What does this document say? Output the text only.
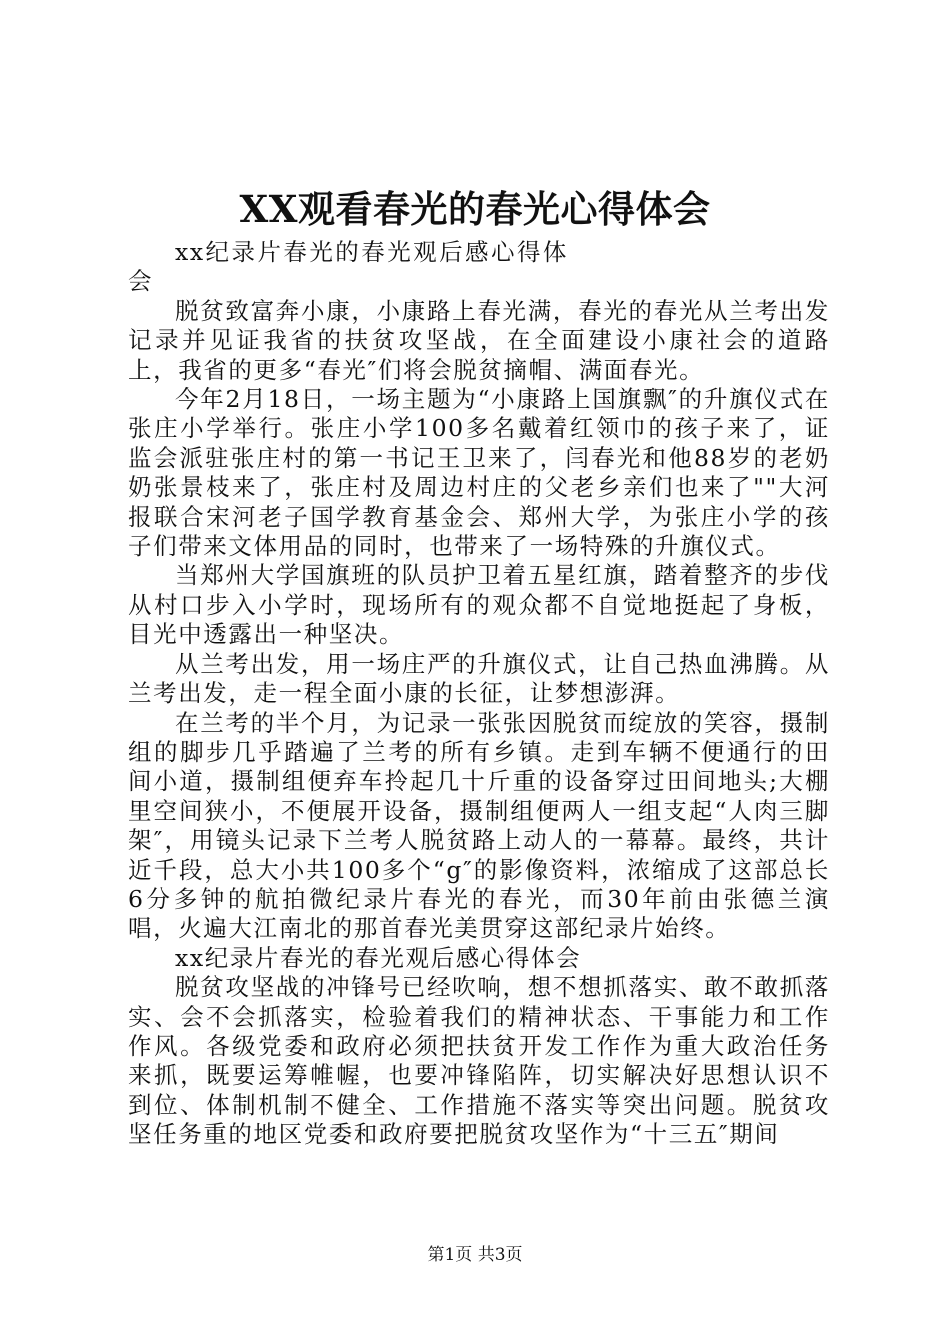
XX观看春光的春光心得体会

xx纪录片春光的春光观后感心得体会

脱贫致富奔小康，小康路上春光满，春光的春光从兰考出发记录并见证我省的扶贫攻坚战，在全面建设小康社会的道路上，我省的更多“春光″们将会脱贫摘帽、满面春光。

今年2月18日，一场主题为“小康路上国旗飘″的升旗仪式在张庄小学举行。张庄小学100多名戴着红领巾的孩子来了，证监会派驻张庄村的第一书记王卫来了，闫春光和他88岁的老奶奶张景枝来了，张庄村及周边村庄的父老乡亲们也来了""大河报联合宋河老子国学教育基金会、郑州大学，为张庄小学的孩子们带来文体用品的同时，也带来了一场特殊的升旗仪式。

当郑州大学国旗班的队员护卫着五星红旗，踏着整齐的步伐从村口步入小学时，现场所有的观众都不自觉地挺起了身板，目光中透露出一种坚决。

从兰考出发，用一场庄严的升旗仪式，让自己热血沸腾。从兰考出发，走一程全面小康的长征，让梦想澎湃。

在兰考的半个月，为记录一张张因脱贫而绽放的笑容，摄制组的脚步几乎踏遍了兰考的所有乡镇。走到车辆不便通行的田间小道，摄制组便弃车拎起几十斤重的设备穿过田间地头;大棚里空间狭小，不便展开设备，摄制组便两人一组支起“人肉三脚架″，用镜头记录下兰考人脱贫路上动人的一幕幕。最终，共计近千段，总大小共100多个“g″的影像资料，浓缩成了这部总长6分多钟的航拍微纪录片春光的春光，而30年前由张德兰演唱，火遍大江南北的那首春光美贯穿这部纪录片始终。

xx纪录片春光的春光观后感心得体会

脱贫攻坚战的冲锋号已经吹响，想不想抓落实、敢不敢抓落实、会不会抓落实，检验着我们的精神状态、干事能力和工作作风。各级党委和政府必须把扶贫开发工作作为重大政治任务来抓，既要运筹帷幄，也要冲锋陷阵，切实解决好思想认识不到位、体制机制不健全、工作措施不落实等突出问题。脱贫攻坚任务重的地区党委和政府要把脱贫攻坚作为“十三五″期间

第1页 共3页
